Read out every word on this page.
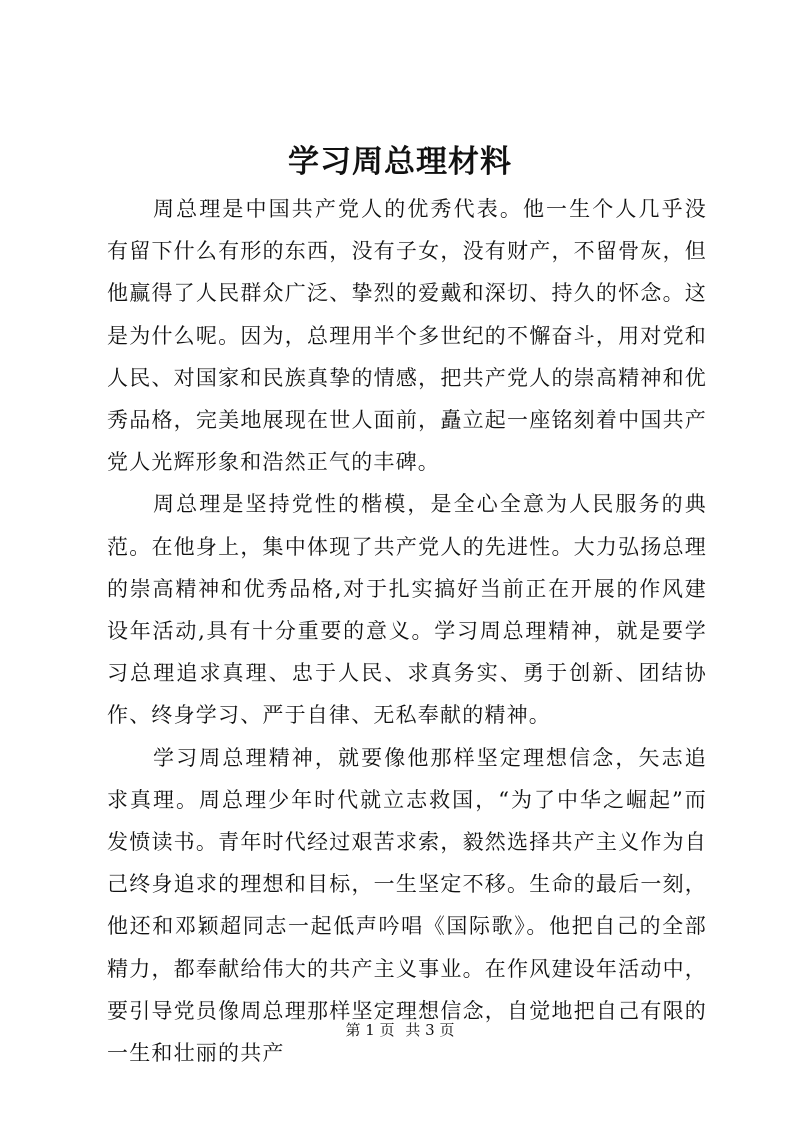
学习周总理材料

周总理是中国共产党人的优秀代表。他一生个人几乎没有留下什么有形的东西，没有子女，没有财产，不留骨灰，但他赢得了人民群众广泛、挚烈的爱戴和深切、持久的怀念。这是为什么呢。因为，总理用半个多世纪的不懈奋斗，用对党和人民、对国家和民族真挚的情感，把共产党人的崇高精神和优秀品格，完美地展现在世人面前，矗立起一座铭刻着中国共产党人光辉形象和浩然正气的丰碑。

周总理是坚持党性的楷模，是全心全意为人民服务的典范。在他身上，集中体现了共产党人的先进性。大力弘扬总理的崇高精神和优秀品格,对于扎实搞好当前正在开展的作风建设年活动,具有十分重要的意义。学习周总理精神，就是要学习总理追求真理、忠于人民、求真务实、勇于创新、团结协作、终身学习、严于自律、无私奉献的精神。

学习周总理精神，就要像他那样坚定理想信念，矢志追求真理。周总理少年时代就立志救国，“为了中华之崛起”而发愤读书。青年时代经过艰苦求索，毅然选择共产主义作为自己终身追求的理想和目标，一生坚定不移。生命的最后一刻，他还和邓颖超同志一起低声吟唱《国际歌》。他把自己的全部精力，都奉献给伟大的共产主义事业。在作风建设年活动中，要引导党员像周总理那样坚定理想信念，自觉地把自己有限的一生和壮丽的共产

第 1 页 共 3 页
